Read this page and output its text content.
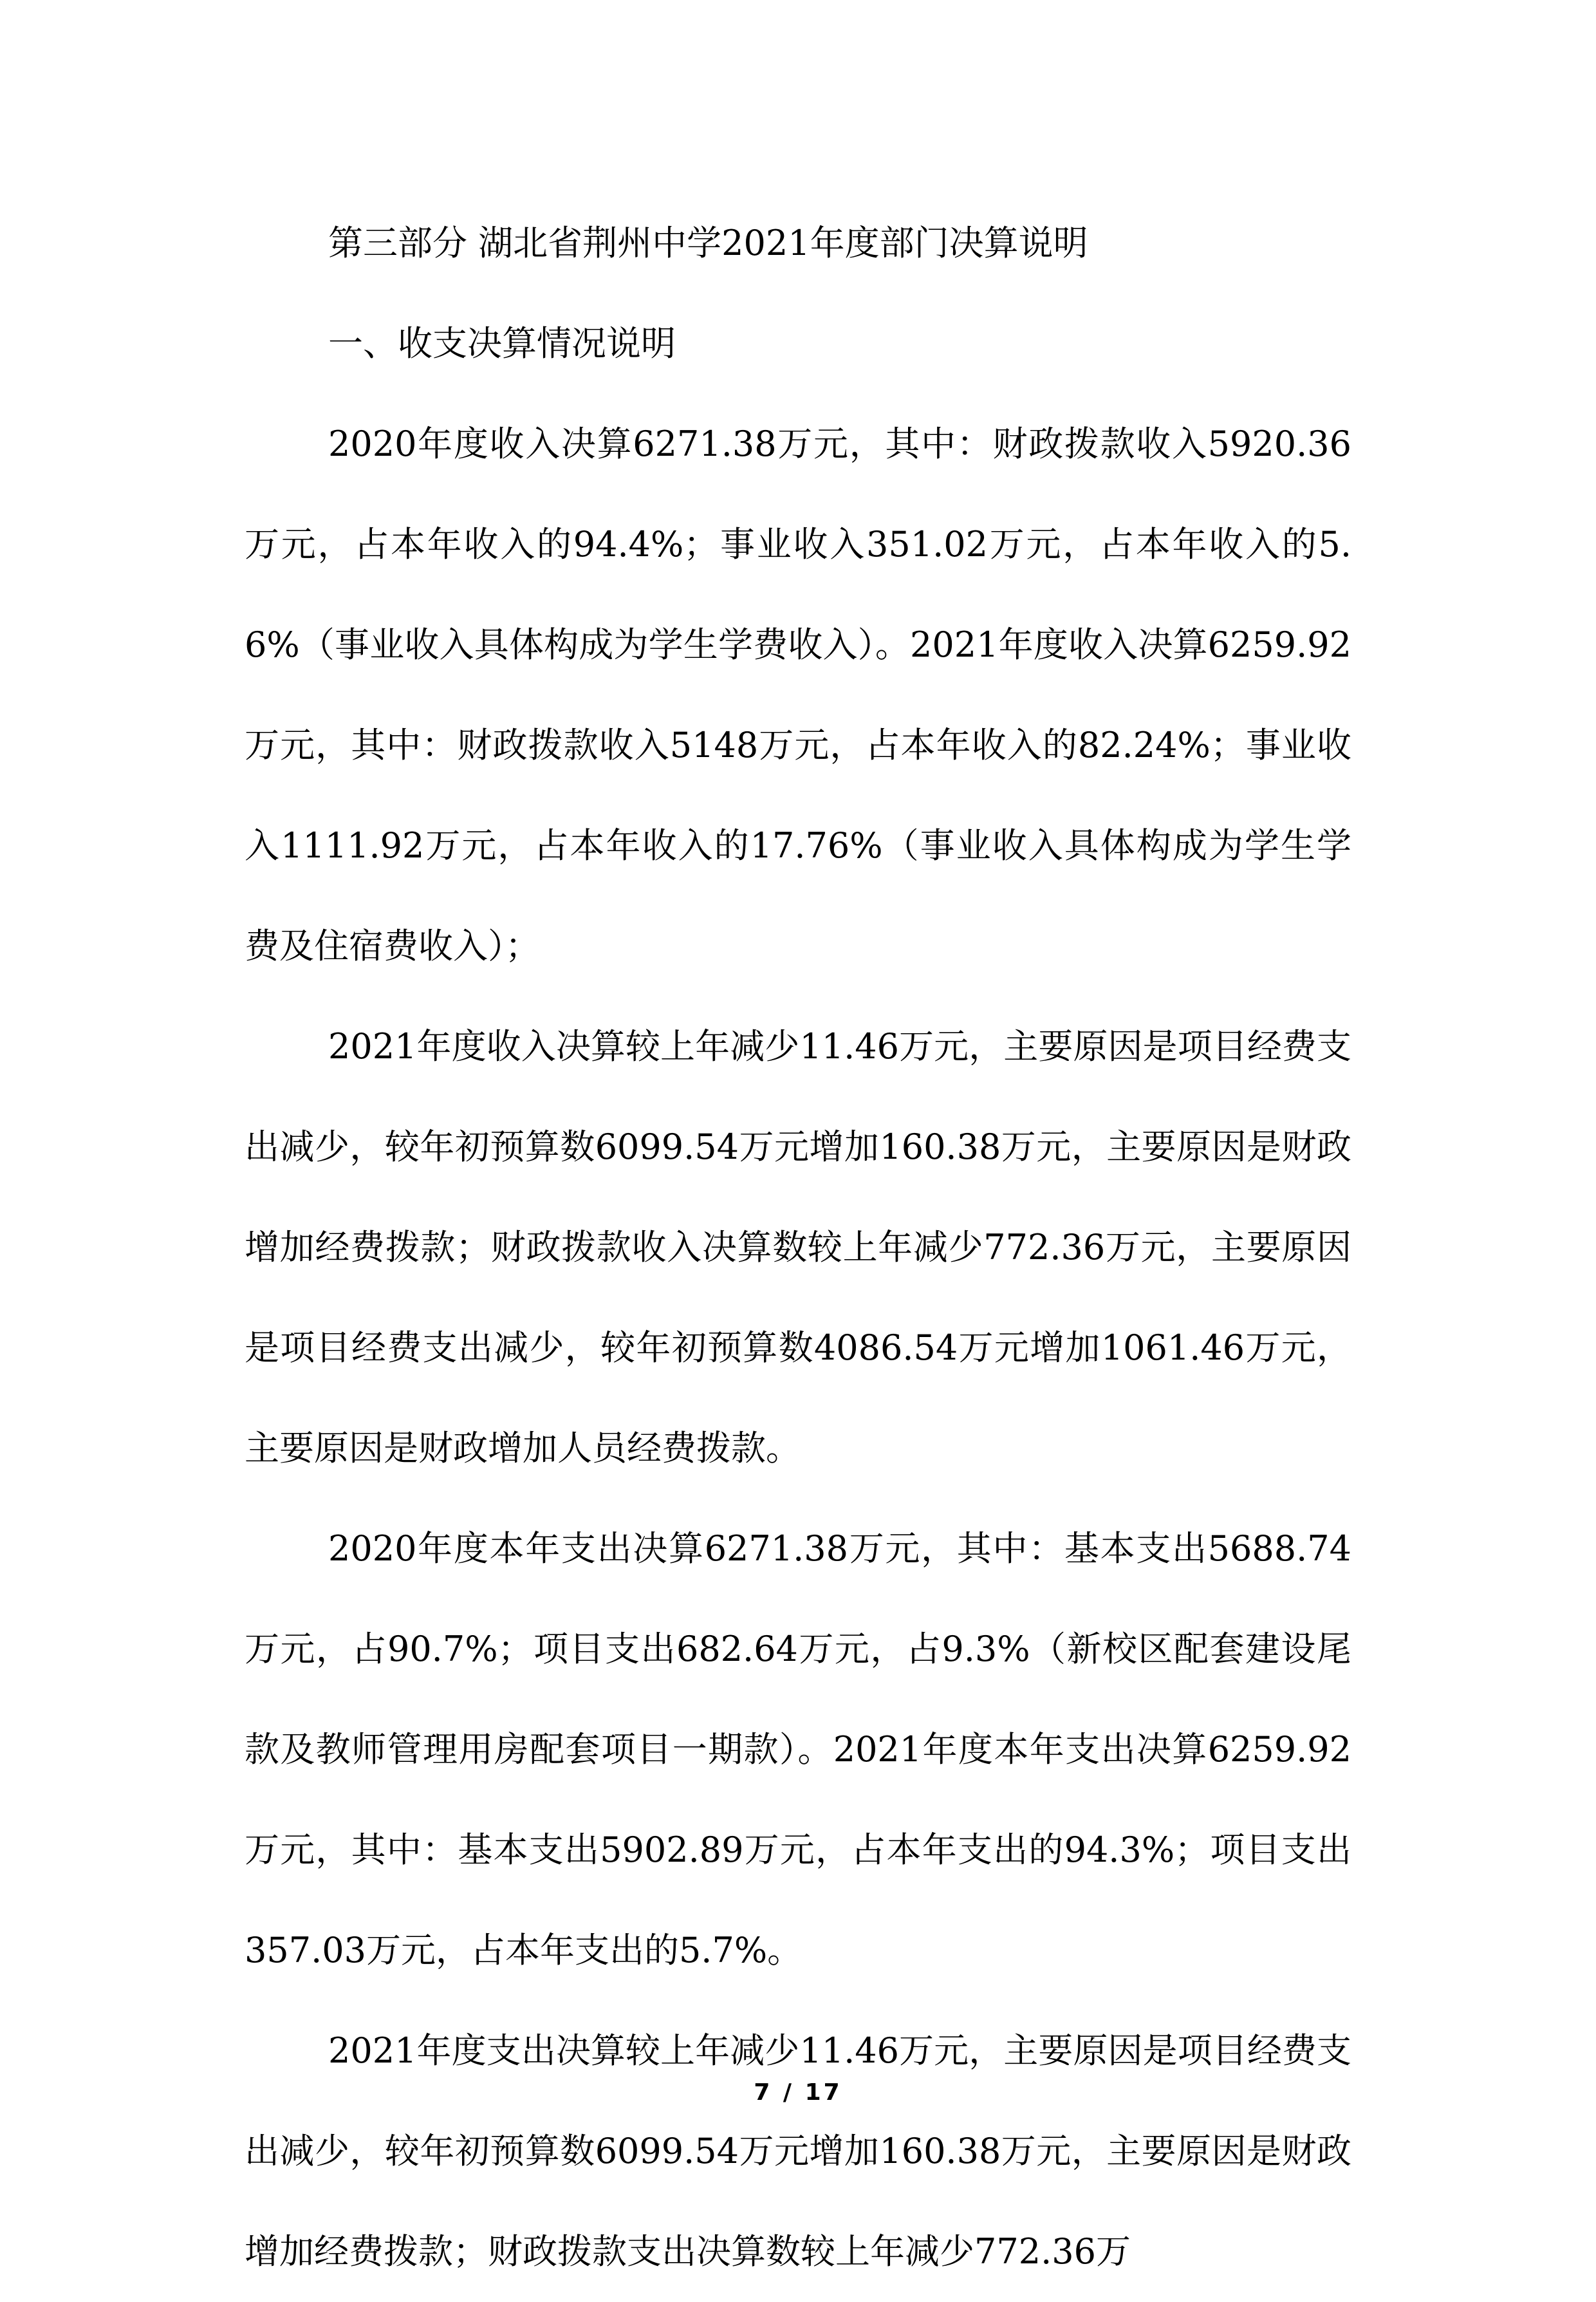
第三部分 湖北省荆州中学2021年度部门决算说明

一、收支决算情况说明

2020年度收入决算6271.38万元，其中：财政拨款收入5920.36万元，占本年收入的94.4%；事业收入351.02万元，占本年收入的5.6%（事业收入具体构成为学生学费收入）。2021年度收入决算6259.92万元，其中：财政拨款收入5148万元，占本年收入的82.24%；事业收入1111.92万元，占本年收入的17.76%（事业收入具体构成为学生学费及住宿费收入）；

2021年度收入决算较上年减少11.46万元，主要原因是项目经费支出减少，较年初预算数6099.54万元增加160.38万元，主要原因是财政增加经费拨款；财政拨款收入决算数较上年减少772.36万元，主要原因是项目经费支出减少，较年初预算数4086.54万元增加1061.46万元，主要原因是财政增加人员经费拨款。

2020年度本年支出决算6271.38万元，其中：基本支出5688.74万元，占90.7%；项目支出682.64万元，占9.3%（新校区配套建设尾款及教师管理用房配套项目一期款）。2021年度本年支出决算6259.92万元，其中：基本支出5902.89万元，占本年支出的94.3%；项目支出357.03万元，占本年支出的5.7%。

2021年度支出决算较上年减少11.46万元，主要原因是项目经费支出减少，较年初预算数6099.54万元增加160.38万元，主要原因是财政增加经费拨款；财政拨款支出决算数较上年减少772.36万

7 / 17
